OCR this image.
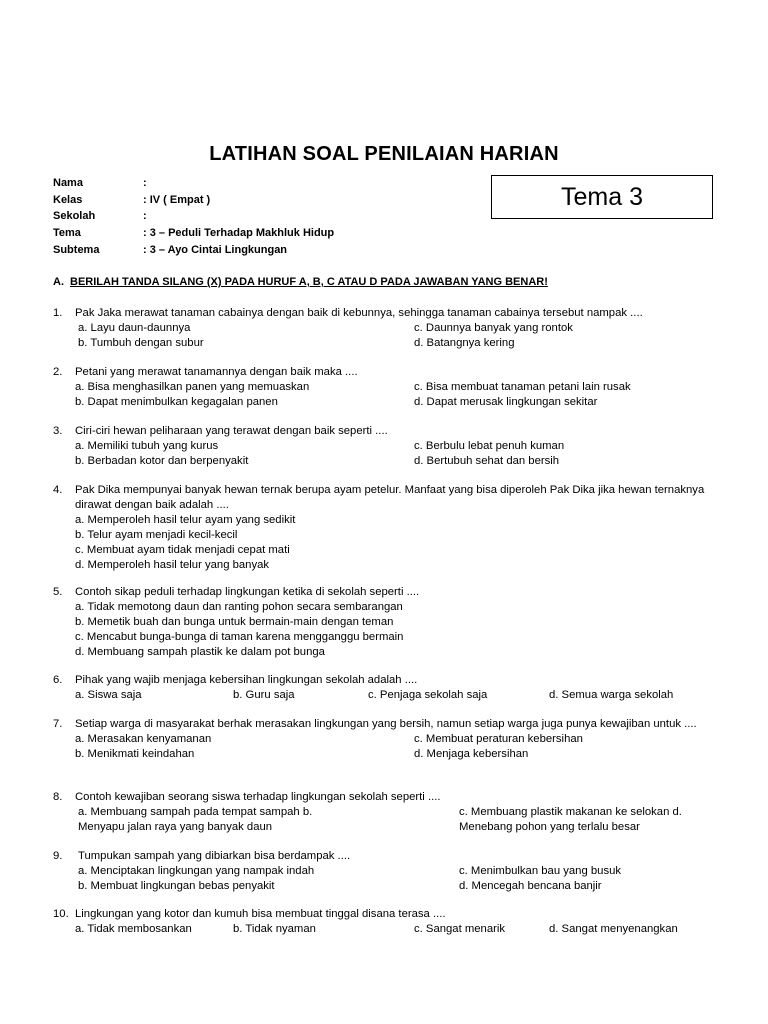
LATIHAN SOAL PENILAIAN HARIAN
Tema 3
Nama	:
Kelas	: IV ( Empat )
Sekolah	:
Tema	: 3 – Peduli Terhadap Makhluk Hidup
Subtema	: 3 – Ayo Cintai Lingkungan
A. BERILAH TANDA SILANG (X) PADA HURUF A, B, C ATAU D PADA JAWABAN YANG BENAR!
1.	Pak Jaka merawat tanaman cabainya dengan baik di kebunnya, sehingga tanaman cabainya tersebut nampak ....
a. Layu daun-daunnya	c. Daunnya banyak yang rontok
b. Tumbuh dengan subur	d. Batangnya kering
2.	Petani yang merawat tanamannya dengan baik maka ....
a. Bisa menghasilkan panen yang memuaskan	c. Bisa membuat tanaman petani lain rusak
b. Dapat menimbulkan kegagalan panen	d. Dapat merusak lingkungan sekitar
3.	Ciri-ciri hewan peliharaan yang terawat dengan baik seperti ....
a. Memiliki tubuh yang kurus	c. Berbulu lebat penuh kuman
b. Berbadan kotor dan berpenyakit	d. Bertubuh sehat dan bersih
4.	Pak Dika mempunyai banyak hewan ternak berupa ayam petelur. Manfaat yang bisa diperoleh Pak Dika jika hewan ternaknya dirawat dengan baik adalah ....
a. Memperoleh hasil telur ayam yang sedikit
b. Telur ayam menjadi kecil-kecil
c. Membuat ayam tidak menjadi cepat mati
d. Memperoleh hasil telur yang banyak
5.	Contoh sikap peduli terhadap lingkungan ketika di sekolah seperti ....
a. Tidak memotong daun dan ranting pohon secara sembarangan
b. Memetik buah dan bunga untuk bermain-main dengan teman
c. Mencabut bunga-bunga di taman karena mengganggu bermain
d. Membuang sampah plastik ke dalam pot bunga
6.	Pihak yang wajib menjaga kebersihan lingkungan sekolah adalah ....
a. Siswa saja	b. Guru saja	c. Penjaga sekolah saja	d. Semua warga sekolah
7.	Setiap warga di masyarakat berhak merasakan lingkungan yang bersih, namun setiap warga juga punya kewajiban untuk ....
a. Merasakan kenyamanan	c. Membuat peraturan kebersihan
b. Menikmati keindahan	d. Menjaga kebersihan
8.	Contoh kewajiban seorang siswa terhadap lingkungan sekolah seperti ....
a. Membuang sampah pada tempat sampah b.	c. Membuang plastik makanan ke selokan d.
Menyapu jalan raya yang banyak daun	Menebang pohon yang terlalu besar
9.	Tumpukan sampah yang dibiarkan bisa berdampak ....
a. Menciptakan lingkungan yang nampak indah	c. Menimbulkan bau yang busuk
b. Membuat lingkungan bebas penyakit	d. Mencegah bencana banjir
10. Lingkungan yang kotor dan kumuh bisa membuat tinggal disana terasa ....
a. Tidak membosankan	b. Tidak nyaman	c. Sangat menarik	d. Sangat menyenangkan
